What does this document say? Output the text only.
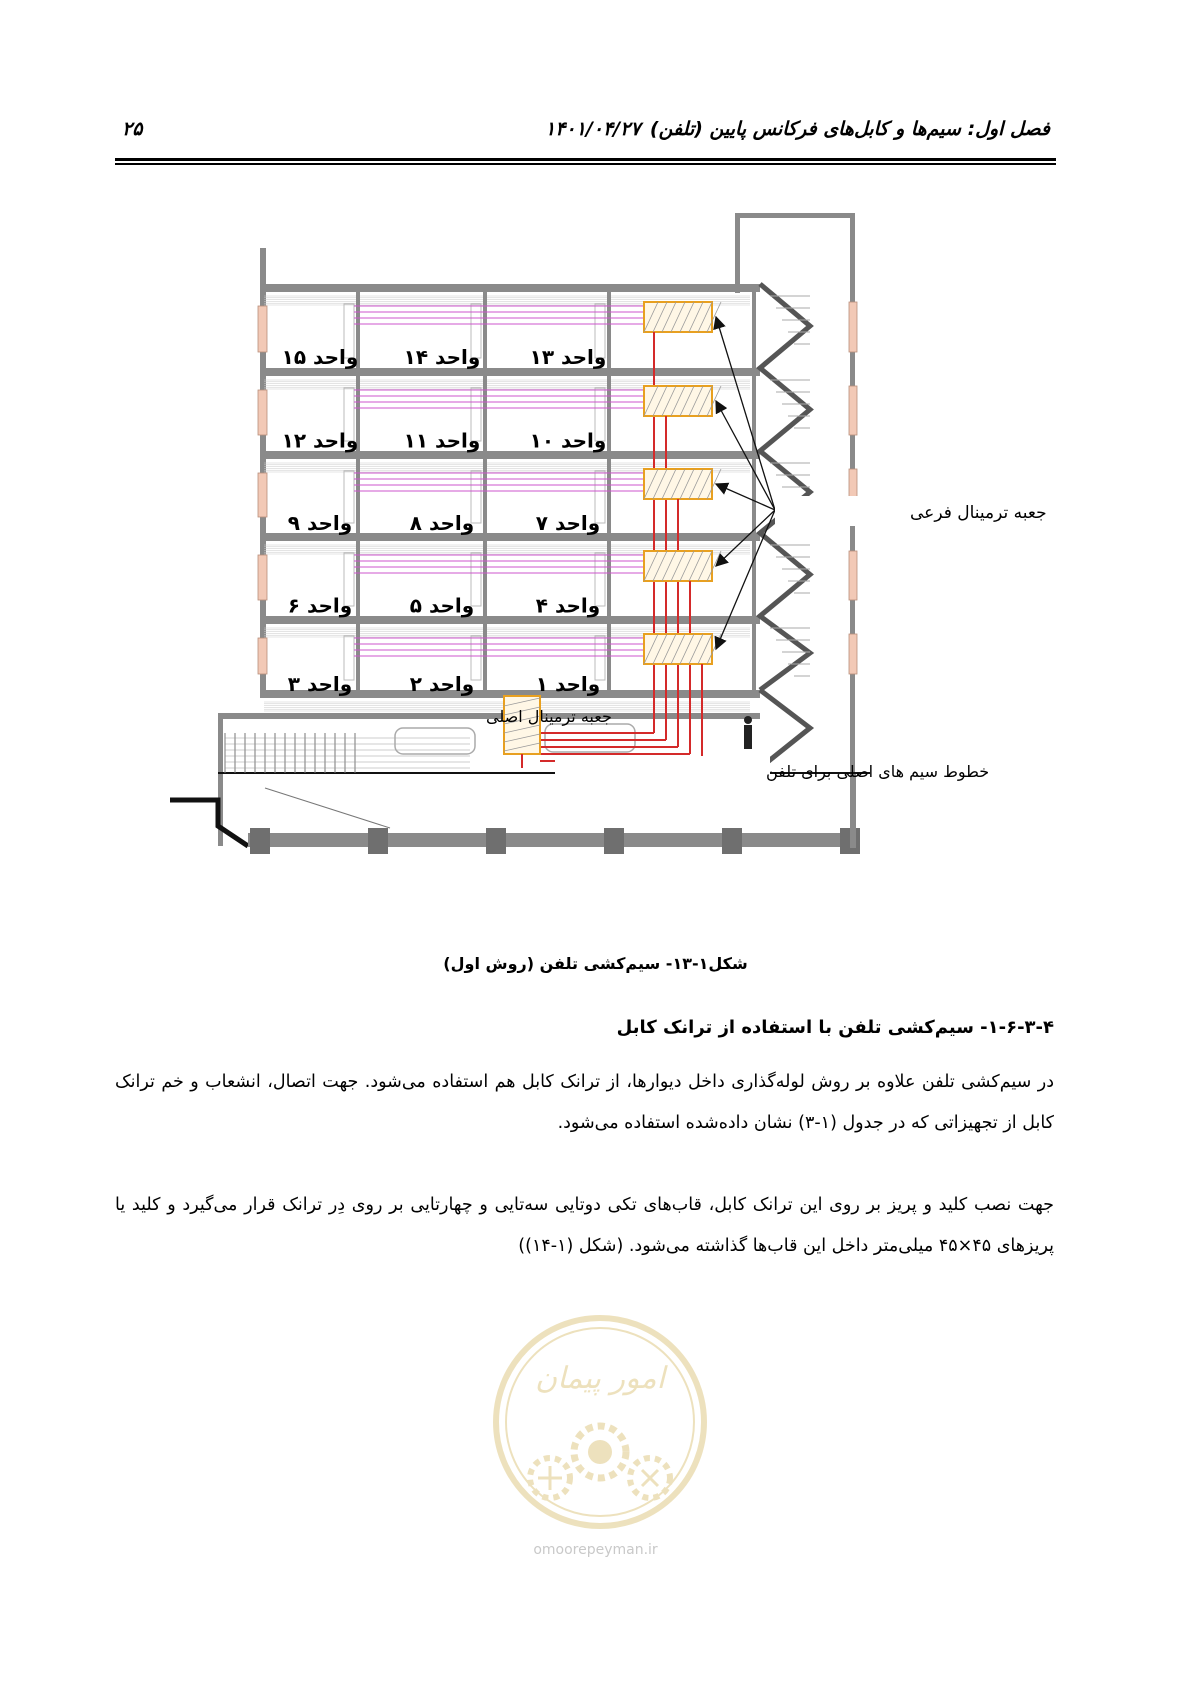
فصل اول: سیم‌ها و کابل‌های فرکانس پایین (تلفن)
۱۴۰۱/۰۴/۲۷
۲۵
واحد ۱۵ واحد ۱۴ واحد ۱۳
واحد ۱۲ واحد ۱۱ واحد ۱۰
واحد ۹	واحد ۸	واحد ۷
واحد ۶	واحد ۵	واحد ۴
واحد ۳	واحد ۲	واحد ۱
جعبه ترمینال فرعی
جعبه ترمینال اصلی
خطوط سیم های اصلی برای تلفن
شکل۱-۱۳- سیم‌کشی تلفن (روش اول)
۱-۶-۳-۴- سیم‌کشی تلفن با استفاده از ترانک کابل
در سیم‌کشی تلفن علاوه بر روش لوله‌گذاری داخل دیوارها، از ترانک کابل هم استفاده می‌شود. جهت اتصال، انشعاب و خم ترانک کابل از تجهیزاتی که در جدول (۱-۳) نشان داده‌شده استفاده می‌شود.
جهت نصب کلید و پریز بر روی این ترانک کابل، قاب‌های تکی دوتایی سه‌تایی و چهارتایی بر روی دِر ترانک قرار می‌گیرد و کلید یا پریزهای ۴۵×۴۵ میلی‌متر داخل این قاب‌ها گذاشته می‌شود. (شکل (۱-۱۴))
امور پیمان
omoorepeyman.ir
